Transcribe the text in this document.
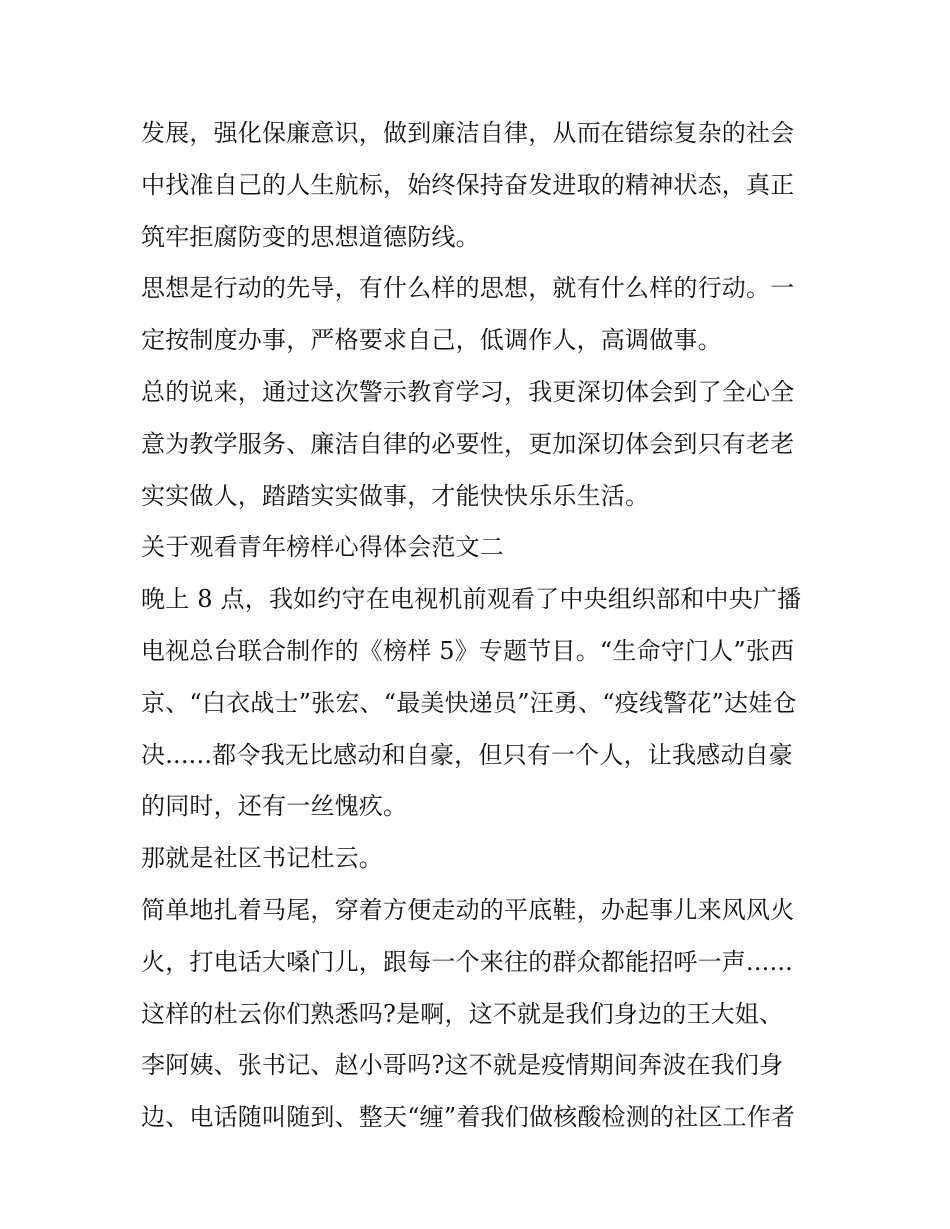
发展，强化保廉意识，做到廉洁自律，从而在错综复杂的社会
中找准自己的人生航标，始终保持奋发进取的精神状态，真正
筑牢拒腐防变的思想道德防线。
思想是行动的先导，有什么样的思想，就有什么样的行动。一
定按制度办事，严格要求自己，低调作人，高调做事。
总的说来，通过这次警示教育学习，我更深切体会到了全心全
意为教学服务、廉洁自律的必要性，更加深切体会到只有老老
实实做人，踏踏实实做事，才能快快乐乐生活。
关于观看青年榜样心得体会范文二
晚上 8 点，我如约守在电视机前观看了中央组织部和中央广播
电视总台联合制作的《榜样 5》专题节目。“生命守门人”张西
京、“白衣战士”张宏、“最美快递员”汪勇、“疫线警花”达娃仓
决......都令我无比感动和自豪，但只有一个人，让我感动自豪
的同时，还有一丝愧疚。
那就是社区书记杜云。
简单地扎着马尾，穿着方便走动的平底鞋，办起事儿来风风火
火，打电话大嗓门儿，跟每一个来往的群众都能招呼一声......
这样的杜云你们熟悉吗?是啊，这不就是我们身边的王大姐、
李阿姨、张书记、赵小哥吗?这不就是疫情期间奔波在我们身
边、电话随叫随到、整天“缠”着我们做核酸检测的社区工作者
